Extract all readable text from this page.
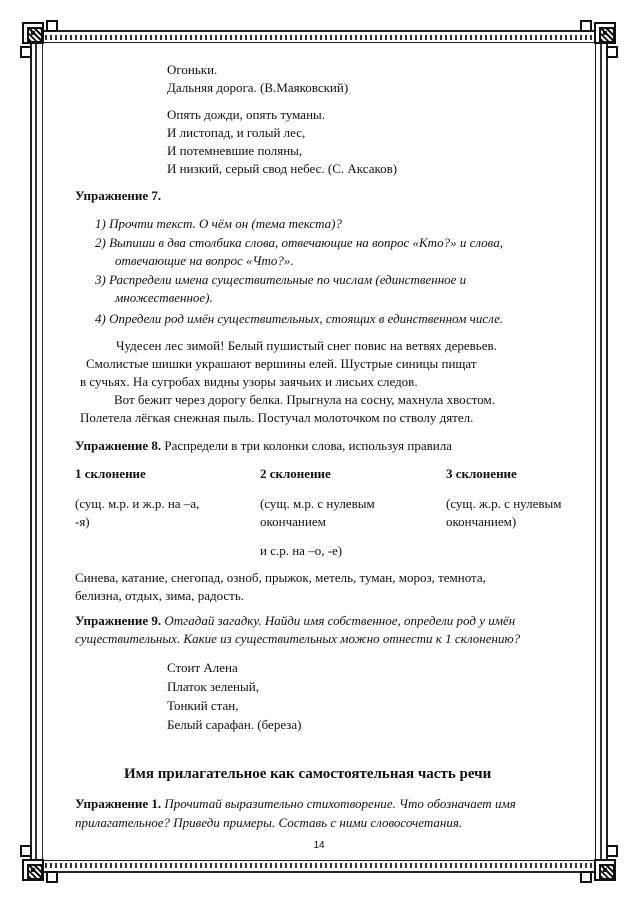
Огоньки.
Дальняя дорога. (В.Маяковский)
Опять дожди, опять туманы.
И листопад, и голый лес,
И потемневшие поляны,
И низкий, серый свод небес. (С. Аксаков)
Упражнение 7.
1) Прочти текст. О чём он (тема текста)?
2) Выпиши в два столбика слова, отвечающие на вопрос «Кто?» и слова,
отвечающие на вопрос «Что?».
3) Распредели имена существительные по числам (единственное и
множественное).
4) Определи род имён существительных, стоящих в единственном числе.
Чудесен лес зимой! Белый пушистый снег повис на ветвях деревьев.
Смолистые шишки украшают вершины елей. Шустрые синицы пищат
в сучьях. На сугробах видны узоры заячьих и лисьих следов.
Вот бежит через дорогу белка. Прыгнула на сосну, махнула хвостом.
Полетела лёгкая снежная пыль. Постучал молоточком по стволу дятел.
Упражнение 8. Распредели в три колонки слова, используя правила
1 склонение	2 склонение	3 склонение
(сущ. м.р. и ж.р. на –а,
-я)
(сущ. м.р. с нулевым
окончанием
и с.р. на –о, -е)
(сущ. ж.р. с нулевым
окончанием)
Синева, катание, снегопад, озноб, прыжок, метель, туман, мороз, темнота,
белизна, отдых, зима, радость.
Упражнение 9. Отгадай загадку. Найди имя собственное, определи род у имён
существительных. Какие из существительных можно отнести к 1 склонению?
Стоит Алена
Платок зеленый,
Тонкий стан,
Белый сарафан. (береза)
Имя прилагательное как самостоятельная часть речи
Упражнение 1. Прочитай выразительно стихотворение. Что обозначает имя
прилагательное? Приведи примеры. Составь с ними словосочетания.
14
